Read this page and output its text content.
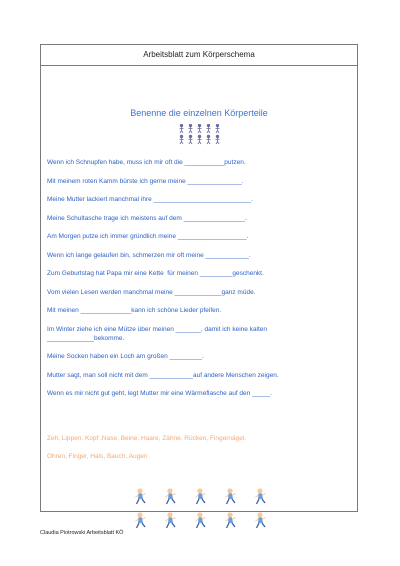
Arbeitsblatt zum Körperschema
Benenne die einzelnen Körperteile
Wenn ich Schnupfen habe, muss ich mir oft die ___________putzen.
Mit meinem roten Kamm bürste ich gerne meine _______________.
Meine Mutter lackiert manchmal ihre ___________________________.
Meine Schultasche trage ich meistens auf dem _________________.
Am Morgen putze ich immer gründlich meine ___________________.
Wenn ich lange gelaufen bin, schmerzen mir oft meine ____________.
Zum Geburtstag hat Papa mir eine Kette  für meinen _________geschenkt.
Vom vielen Lesen werden manchmal meine _____________ganz müde.
Mit meinen ______________kann ich schöne Lieder pfeifen.
Im Winter ziehe ich eine Mütze über meinen _______, damit ich keine kalten
_____________bekomme.
Meine Socken haben ein Loch am großen _________.
Mutter sagt, man soll nicht mit dem ____________auf andere Menschen zeigen.
Wenn es mir nicht gut geht, legt Mutter mir eine Wärmeflasche auf den _____.
Zeh, Lippen, Kopf ,Nase, Beine, Haare, Zähne, Rücken, Fingernägel,
Ohren, Finger, Hals, Bauch, Augen
Claudia Piotrowski Arbeitsblatt KÖ
